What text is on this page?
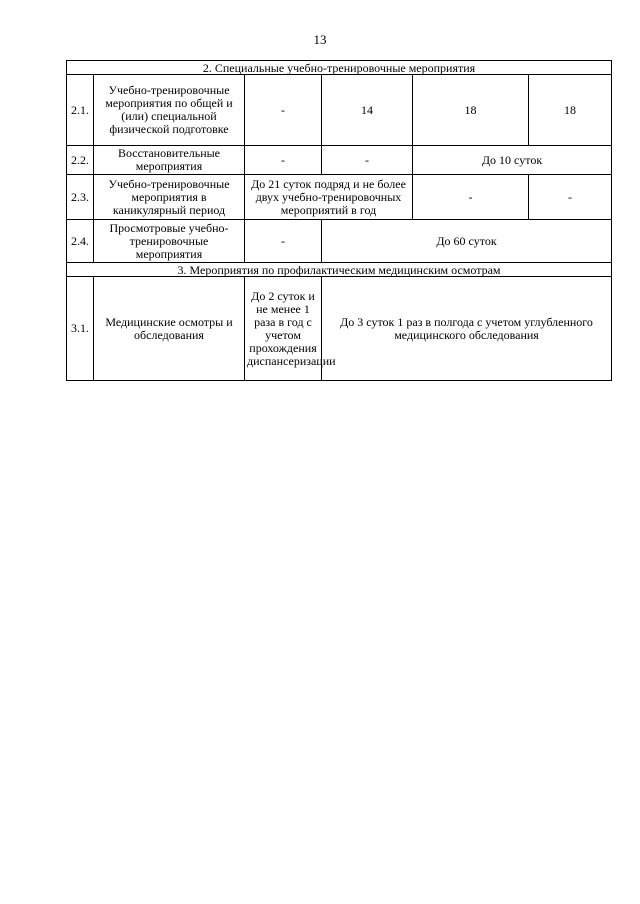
13
2. Специальные учебно-тренировочные мероприятия					
2.1.	Учебно-тренировочные мероприятия по общей и (или) специальной физической подготовке	-	14	18	18
2.2.	Восстановительные мероприятия	-	-	До 10 суток	
2.3.	Учебно-тренировочные мероприятия в каникулярный период	До 21 суток подряд и не более двух учебно-тренировочных мероприятий в год		-	-
2.4.	Просмотровые учебно-тренировочные мероприятия	-	До 60 суток		
3. Мероприятия по профилактическим медицинским осмотрам					
3.1.	Медицинские осмотры и обследования	До 2 суток и не менее 1 раза в год с учетом прохождения диспансеризации	До 3 суток 1 раз в полгода с учетом углубленного медицинского обследования		
